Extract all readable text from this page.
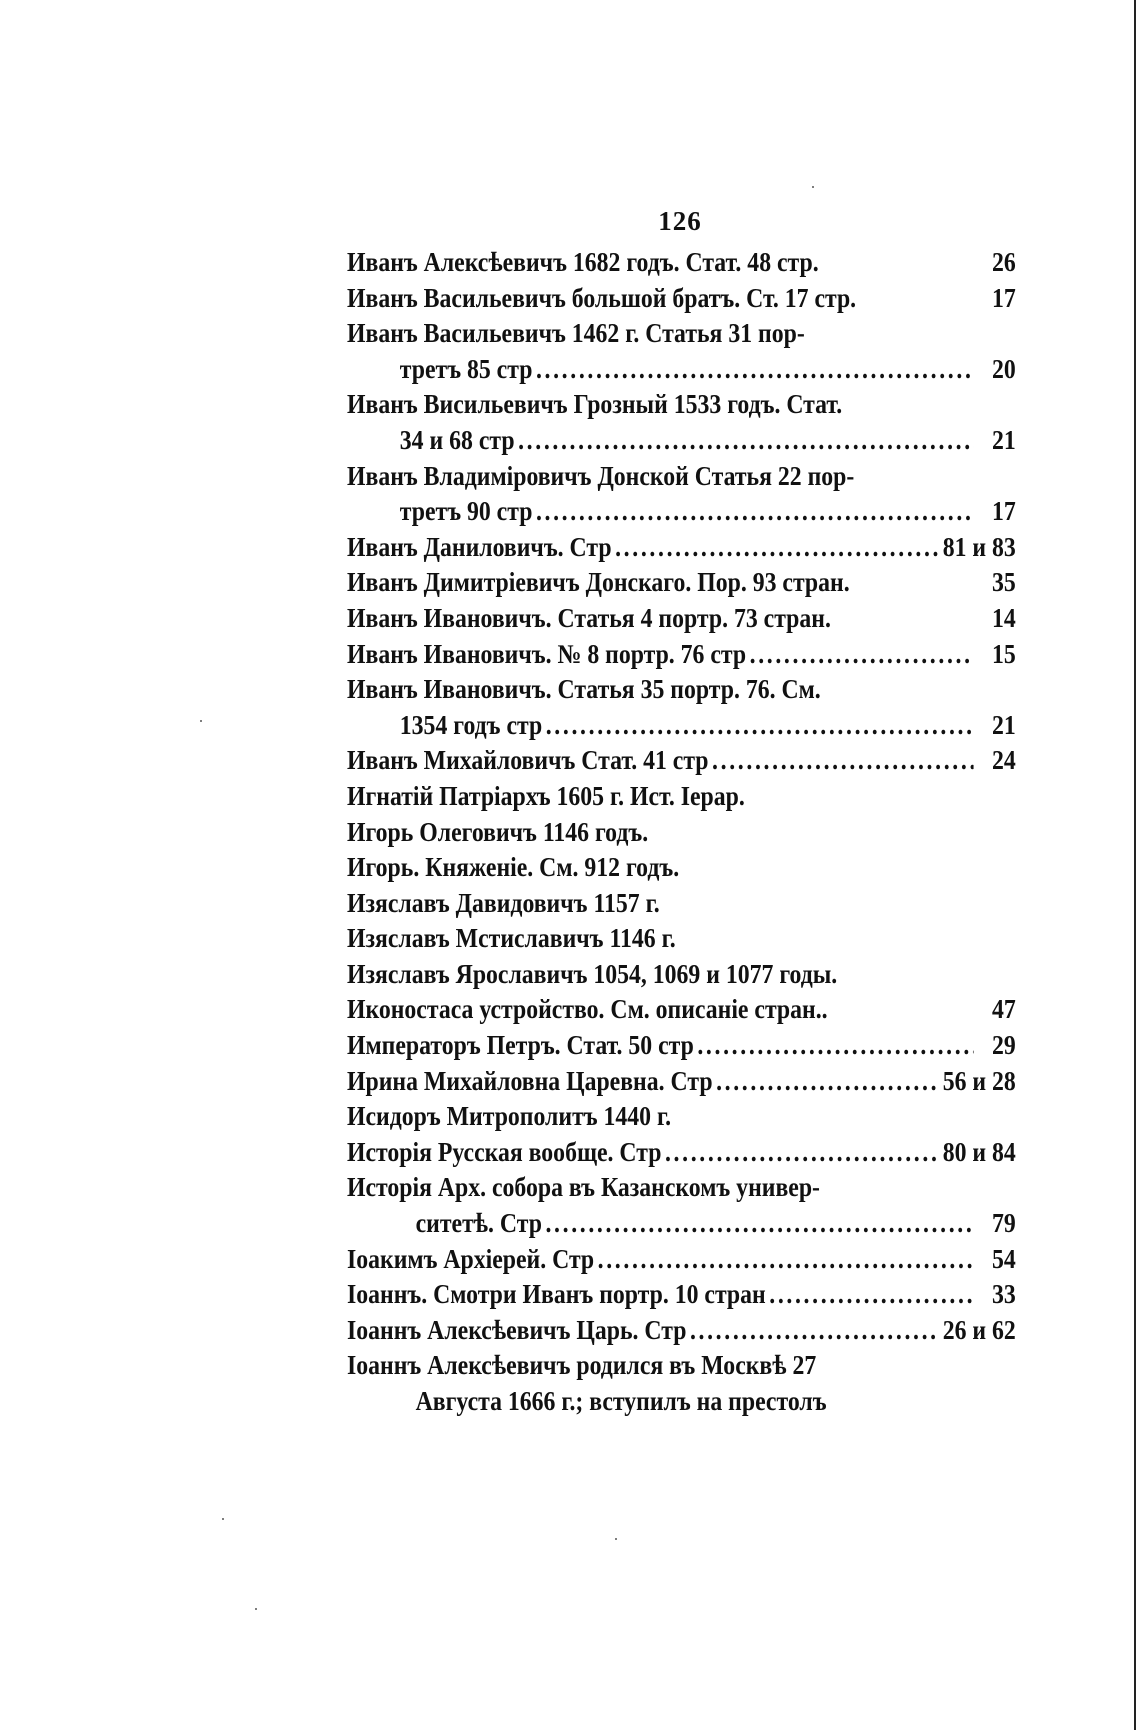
126
Иванъ Алексѣевичъ 1682 годъ. Стат. 48 стр.	26
Иванъ Васильевичъ большой братъ. Ст. 17 стр.	17
Иванъ Васильевичъ 1462 г. Статья 31 пор-
третъ 85 стр .....	20
Иванъ Висильевичъ Грозный 1533 годъ. Стат.
34 и 68 стр .....	21
Иванъ Владимiровичъ Донской Статья 22 пор-
третъ 90 стр .....	17
Иванъ Даниловичъ. Стр .....	81 и 83
Иванъ Димитрiевичъ Донскаго. Пор. 93 стран.	35
Иванъ Ивановичъ. Статья 4 портр. 73 стран.	14
Иванъ Ивановичъ. № 8 портр. 76 стр .....	15
Иванъ Ивановичъ. Статья 35 портр. 76. См.
1354 годъ стр .....	21
Иванъ Михайловичъ Стат. 41 стр .....	24
Игнатiй Патрiархъ 1605 г. Ист. Iерар.
Игорь Олеговичъ 1146 годъ.
Игорь. Княженiе. См. 912 годъ.
Изяславъ Давидовичъ 1157 г.
Изяславъ Мстиславичъ 1146 г.
Изяславъ Ярославичъ 1054, 1069 и 1077 годы.
Иконостаса устройство. См. описанiе стран..	47
Императоръ Петръ. Стат. 50 стр .....	29
Ирина Михайловна Царевна. Стр .....	56 и 28
Исидоръ Митрополитъ 1440 г.
Исторiя Русская вообще. Стр .....	80 и 84
Исторiя Арх. собора въ Казанскомъ универ-
ситетѣ. Стр .....	79
Iоакимъ Архiерей. Стр .....	54
Iоаннъ. Смотри Иванъ портр. 10 стран .....	33
Iоаннъ Алексѣевичъ Царь. Стр .....	26 и 62
Iоаннъ Алексѣевичъ родился въ Москвѣ 27
Августа 1666 г.; вступилъ на престолъ
